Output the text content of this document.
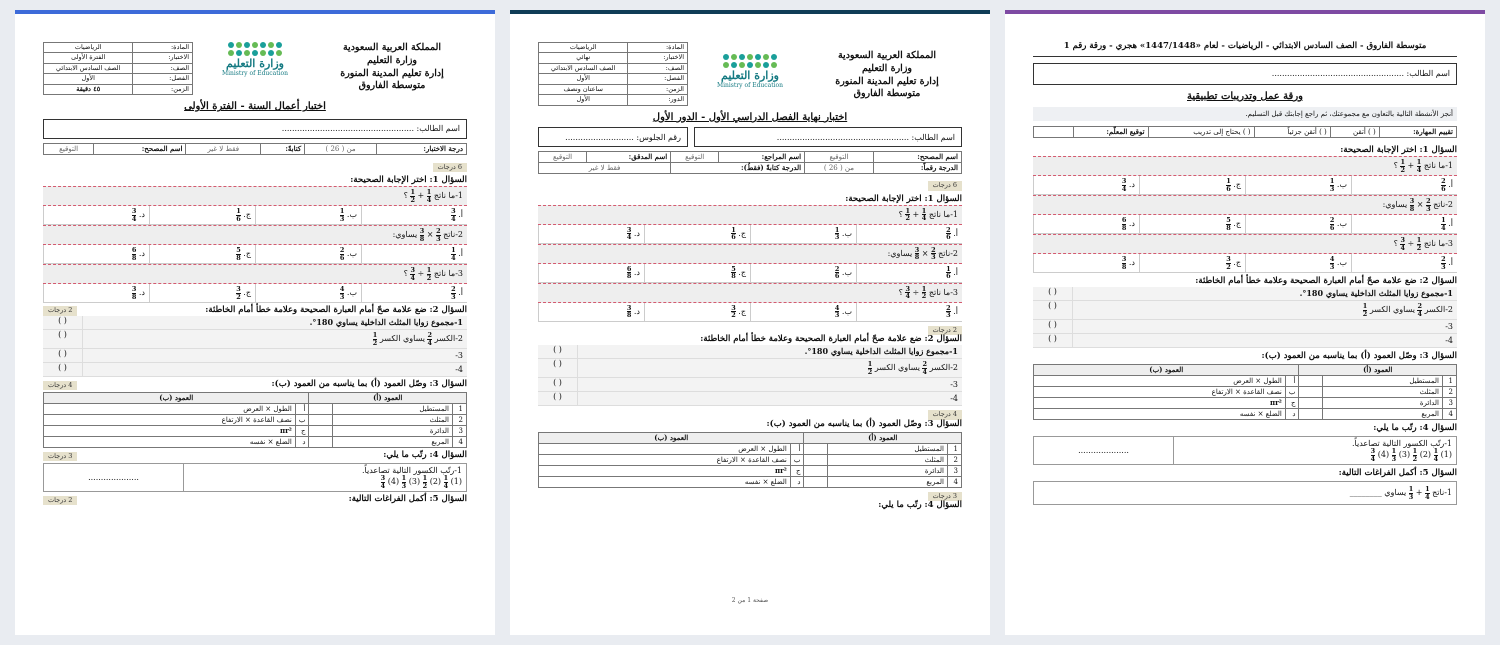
المملكة العربية السعودية
وزارة التعليم
إدارة تعليم المدينة المنورة
متوسطة الفاروق
وزارة التعليم
Ministry of Education
المادة:	الرياضيات
الاختبار:	الفترة الأولى
الصف:	الصف السادس الابتدائي
الفصل:	الأول
الزمن:	٤٥ دقيقة
اختبار أعمال السنة - الفترة الأولى
اسم الطالب: ....................................................
درجة الاختبار:	من ( 26 )	كتابةً:	فقط لا غير	اسم المصحح:	التوقيع
6 درجات
السؤال 1: اختر الإجابة الصحيحة:
1-ما ناتج
$\frac{1}{4}$
+
$\frac{1}{2}$
؟
أ.
$\frac{3}{4}$
ب.
$\frac{1}{3}$
ج.
$\frac{1}{6}$
د.
$\frac{3}{4}$
2-ناتج
$\frac{2}{3}$
×
$\frac{3}{8}$
يساوي:
أ.
$\frac{1}{4}$
ب.
$\frac{2}{6}$
ج.
$\frac{5}{8}$
د.
$\frac{6}{8}$
3-ما ناتج
$\frac{1}{2}$
÷
$\frac{3}{4}$
؟
أ.
$\frac{2}{3}$
ب.
$\frac{4}{3}$
ج.
$\frac{3}{2}$
د.
$\frac{3}{8}$
السؤال 2: ضع علامة صحّ أمام العبارة الصحيحة وعلامة خطأ أمام الخاطئة:
2 درجات
1-مجموع زوايا المثلث الداخلية يساوي 180°.
( )
2-الكسر
$\frac{2}{4}$
يساوي الكسر
$\frac{1}{2}$
( )
3-
( )
4-
( )
السؤال 3: وصّل العمود (أ) بما يناسبه من العمود (ب):
4 درجات
العمود (أ)			العمود (ب)	
1	المستطيل		أ	الطول × العرض
2	المثلث		ب	نصف القاعدة × الارتفاع
3	الدائرة		ج	πr²
4	المربع		د	الضلع × نفسه
السؤال 4: رتّب ما يلي:
3 درجات
1-رتّب الكسور التالية تصاعدياً.
(1)
$\frac{1}{4}$
(2)
$\frac{1}{2}$
(3)
$\frac{1}{3}$
(4)
$\frac{3}{4}$
....................
السؤال 5: أكمل الفراغات التالية:
2 درجات
المملكة العربية السعودية
وزارة التعليم
إدارة تعليم المدينة المنورة
متوسطة الفاروق
وزارة التعليم
Ministry of Education
المادة:	الرياضيات
الاختبار:	نهائي
الصف:	الصف السادس الابتدائي
الفصل:	الأول
الزمن:	ساعتان ونصف
الدور:	الأول
اختبار نهاية الفصل الدراسي الأول - الدور الأول
اسم الطالب: ....................................................
رقم الجلوس: ...........................
اسم المصحح:	التوقيع	اسم المراجع:	التوقيع	اسم المدقق:	التوقيع
الدرجة رقماً:	من ( 26 )	الدرجة كتابةً (فقطُ):		فقط لا غير	
6 درجات
السؤال 1: اختر الإجابة الصحيحة:
1-ما ناتج
$\frac{1}{4}$
+
$\frac{1}{2}$
؟
أ.
$\frac{2}{6}$
ب.
$\frac{1}{3}$
ج.
$\frac{1}{6}$
د.
$\frac{3}{4}$
2-ناتج
$\frac{2}{3}$
×
$\frac{3}{8}$
يساوي:
أ.
$\frac{1}{6}$
ب.
$\frac{2}{6}$
ج.
$\frac{5}{8}$
د.
$\frac{6}{8}$
3-ما ناتج
$\frac{1}{2}$
÷
$\frac{3}{4}$
؟
أ.
$\frac{2}{3}$
ب.
$\frac{4}{3}$
ج.
$\frac{3}{2}$
د.
$\frac{3}{8}$
2 درجات
السؤال 2: ضع علامة صحّ أمام العبارة الصحيحة وعلامة خطأ أمام الخاطئة:
1-مجموع زوايا المثلث الداخلية يساوي 180°.
( )
2-الكسر
$\frac{2}{4}$
يساوي الكسر
$\frac{1}{2}$
( )
3-
( )
4-
( )
4 درجات
السؤال 3: وصّل العمود (أ) بما يناسبه من العمود (ب):
العمود (أ)			العمود (ب)	
1	المستطيل		أ	الطول × العرض
2	المثلث		ب	نصف القاعدة × الارتفاع
3	الدائرة		ج	πr²
4	المربع		د	الضلع × نفسه
3 درجات
السؤال 4: رتّب ما يلي:
صفحة 1 من 2
متوسطة الفاروق - الصف السادس الابتدائي - الرياضيات - لعام «1447/1448» هجري - ورقة رقم 1
اسم الطالب: ....................................................
ورقة عمل وتدريبات تطبيقية
أنجز الأنشطة التالية بالتعاون مع مجموعتك، ثم راجع إجابتك قبل التسليم.
تقييم المهارة:	( ) أتقن	( ) أتقن جزئياً	( ) يحتاج إلى تدريب	توقيع المعلّم:	
السؤال 1: اختر الإجابة الصحيحة:
1-ما ناتج
$\frac{1}{4}$
+
$\frac{1}{2}$
؟
أ.
$\frac{2}{6}$
ب.
$\frac{1}{3}$
ج.
$\frac{1}{6}$
د.
$\frac{3}{4}$
2-ناتج
$\frac{2}{3}$
×
$\frac{3}{8}$
يساوي:
أ.
$\frac{1}{4}$
ب.
$\frac{2}{6}$
ج.
$\frac{5}{8}$
د.
$\frac{6}{8}$
3-ما ناتج
$\frac{1}{2}$
÷
$\frac{3}{4}$
؟
أ.
$\frac{2}{3}$
ب.
$\frac{4}{3}$
ج.
$\frac{3}{2}$
د.
$\frac{3}{8}$
السؤال 2: ضع علامة صحّ أمام العبارة الصحيحة وعلامة خطأ أمام الخاطئة:
1-مجموع زوايا المثلث الداخلية يساوي 180°.
( )
2-الكسر
$\frac{2}{4}$
يساوي الكسر
$\frac{1}{2}$
( )
3-
( )
4-
( )
السؤال 3: وصّل العمود (أ) بما يناسبه من العمود (ب):
العمود (أ)			العمود (ب)	
1	المستطيل		أ	الطول × العرض
2	المثلث		ب	نصف القاعدة × الارتفاع
3	الدائرة		ج	πr²
4	المربع		د	الضلع × نفسه
السؤال 4: رتّب ما يلي:
1-رتّب الكسور التالية تصاعدياً.
(1)
$\frac{1}{4}$
(2)
$\frac{1}{2}$
(3)
$\frac{1}{3}$
(4)
$\frac{3}{4}$
....................
السؤال 5: أكمل الفراغات التالية:
1-ناتج
$\frac{1}{4}$
+
$\frac{1}{3}$
يساوي ________
